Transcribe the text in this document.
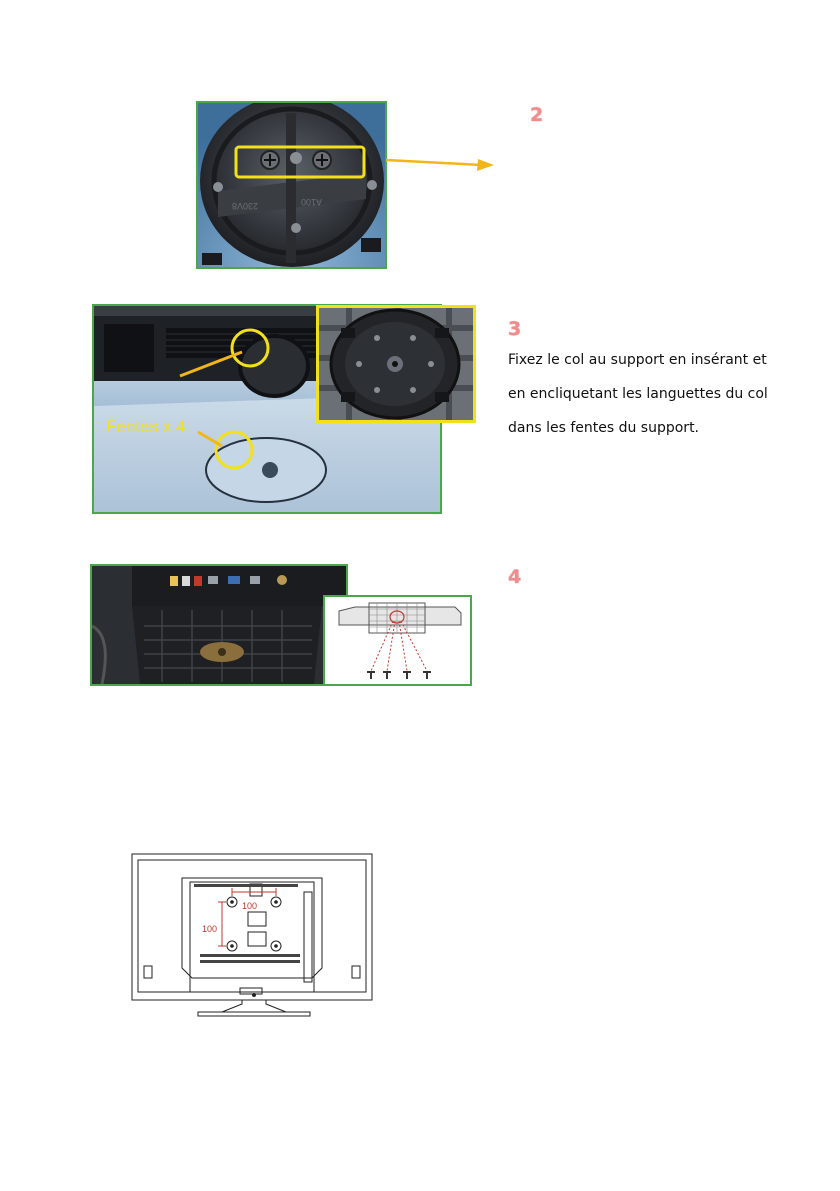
230V8	A100
2
Fentes x 4
3

Fixez le col au support en insérant et

en encliquetant les languettes du col

dans les fentes du support.

4
100
100
